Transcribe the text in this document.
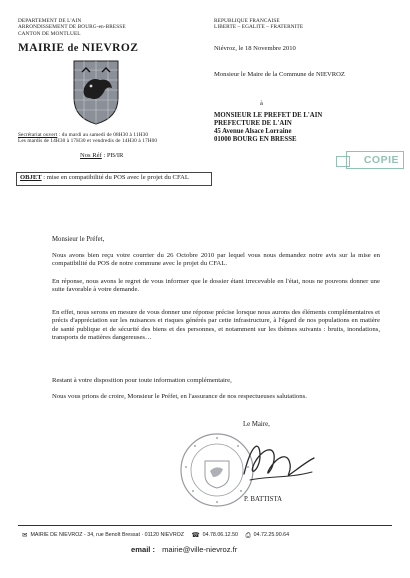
DEPARTEMENT DE L'AIN
ARRONDISSEMENT DE BOURG-en-BRESSE
CANTON DE MONTLUEL
MAIRIE de NIEVROZ
Secrétariat ouvert : du mardi au samedi de 08H30 à 11H30
Les mardis de 14H30 à 17H30 et vendredis de 14H30 à 17H00
Nos Réf : PB/IR
REPUBLIQUE FRANCAISE
LIBERTE – EGALITE – FRATERNITE
Niévroz, le 18 Novembre 2010
Monsieur le Maire de la Commune de NIEVROZ
à
MONSIEUR LE PREFET DE L'AIN
PREFECTURE DE L'AIN
45 Avenue Alsace Lorraine
01000 BOURG EN BRESSE
COPIE
OBJET : mise en compatibilité du POS avec le projet du CFAL
Monsieur le Préfet,
Nous avons bien reçu votre courrier du 26 Octobre 2010 par lequel vous nous demandez notre avis sur la mise en compatibilité du POS de notre commune avec le projet du CFAL.
En réponse, nous avons le regret de vous informer que le dossier étant irrecevable en l'état, nous ne pouvons donner une suite favorable à votre demande.
En effet, nous serons en mesure de vous donner une réponse précise lorsque nous aurons des éléments complémentaires et précis d'appréciation sur les nuisances et risques générés par cette infrastructure, à l'égard de nos populations en matière de santé publique et de sécurité des biens et des personnes, et notamment sur les thèmes suivants : bruits, inondations, transports de matières dangereuses…
Restant à votre disposition pour toute information complémentaire,
Nous vous prions de croire, Monsieur le Préfet, en l'assurance de nos respectueuses salutations.
Le Maire,
P. BATTISTA
✉ MAIRIE DE NIEVROZ - 34, rue Benoît Bressat · 01120 NIEVROZ ☎ 04.78.06.12.50 ⎙ 04.72.25.90.64
email : mairie@ville-nievroz.fr
